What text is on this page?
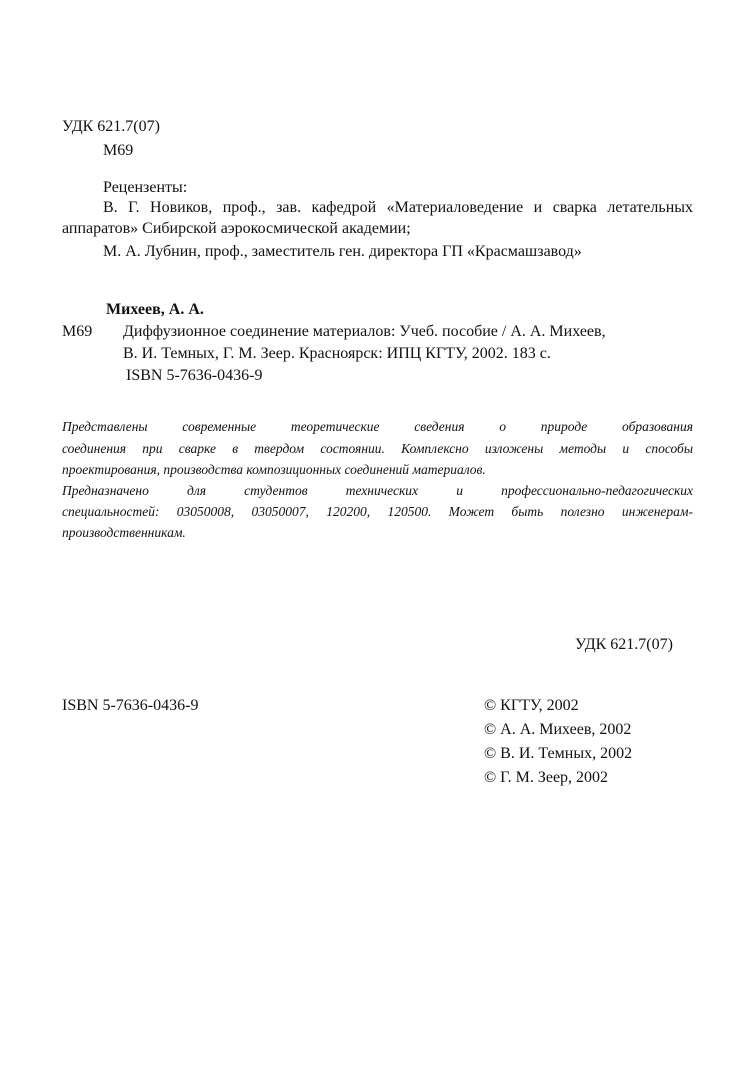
УДК 621.7(07)
М69
Рецензенты:
В. Г. Новиков, проф., зав. кафедрой «Материаловедение и сварка летательных
аппаратов» Сибирской аэрокосмической академии;
М. А. Лубнин, проф., заместитель ген. директора ГП «Красмашзавод»
Михеев, А. А.
М69 Диффузионное соединение материалов: Учеб. пособие / А. А. Михеев,
В. И. Темных, Г. М. Зеер. Красноярск: ИПЦ КГТУ, 2002. 183 с.
ISBN 5-7636-0436-9
Представлены современные теоретические сведения о природе образования
соединения при сварке в твердом состоянии. Комплексно изложены методы и способы
проектирования, производства композиционных соединений материалов.
Предназначено для студентов технических и профессионально-педагогических
специальностей: 03050008, 03050007, 120200, 120500. Может быть полезно инженерам-
производственникам.
УДК 621.7(07)
ISBN 5-7636-0436-9	© КГТУ, 2002
© А. А. Михеев, 2002
© В. И. Темных, 2002
© Г. М. Зеер, 2002
